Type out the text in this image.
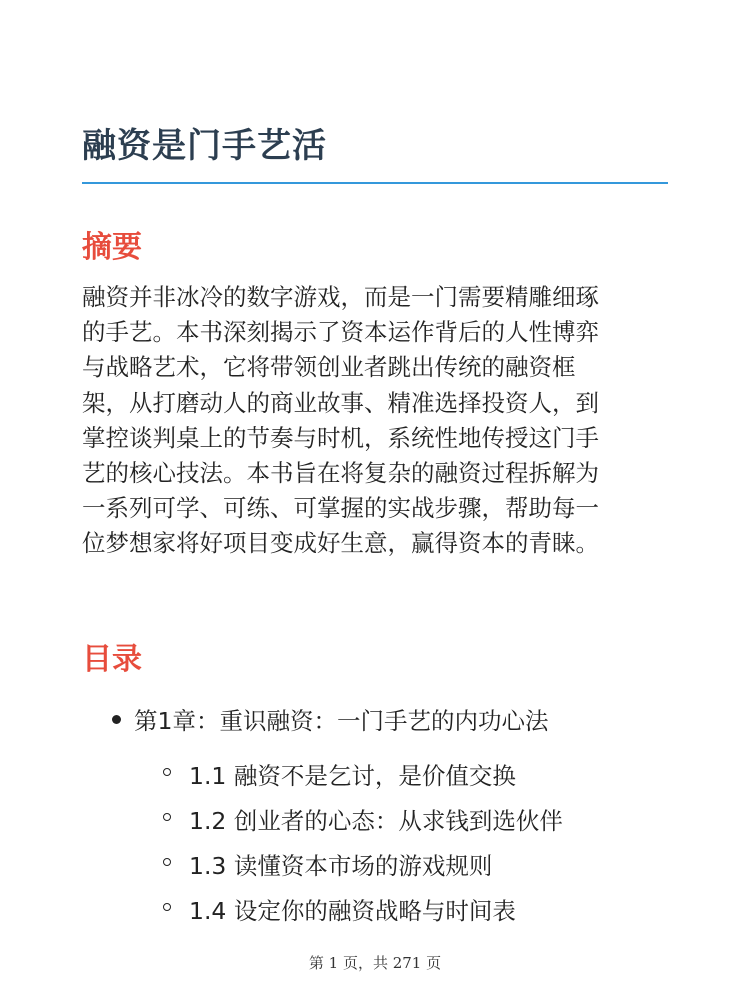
融资是门手艺活
摘要

融资并非冰冷的数字游戏，而是一门需要精雕细琢
的手艺。本书深刻揭示了资本运作背后的人性博弈
与战略艺术，它将带领创业者跳出传统的融资框
架，从打磨动人的商业故事、精准选择投资人，到
掌控谈判桌上的节奏与时机，系统性地传授这门手
艺的核心技法。本书旨在将复杂的融资过程拆解为
一系列可学、可练、可掌握的实战步骤，帮助每一
位梦想家将好项目变成好生意，赢得资本的青睐。

目录
第1章：重识融资：一门手艺的内功心法
1.1 融资不是乞讨，是价值交换
1.2 创业者的心态：从求钱到选伙伴
1.3 读懂资本市场的游戏规则
1.4 设定你的融资战略与时间表
第 1 页，共 271 页
